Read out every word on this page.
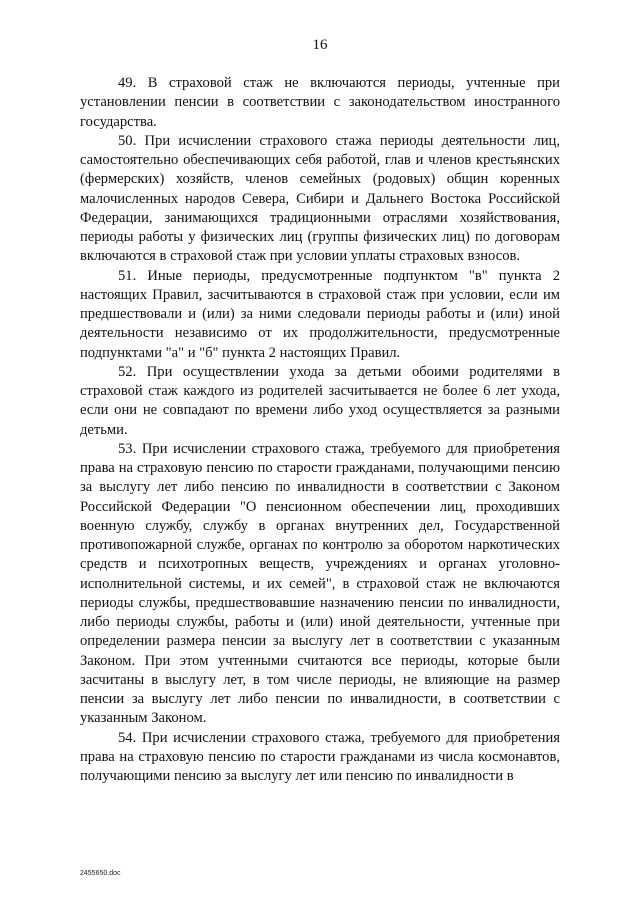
16

49. В страховой стаж не включаются периоды, учтенные при установлении пенсии в соответствии с законодательством иностранного государства.

50. При исчислении страхового стажа периоды деятельности лиц, самостоятельно обеспечивающих себя работой, глав и членов крестьянских (фермерских) хозяйств, членов семейных (родовых) общин коренных малочисленных народов Севера, Сибири и Дальнего Востока Российской Федерации, занимающихся традиционными отраслями хозяйствования, периоды работы у физических лиц (группы физических лиц) по договорам включаются в страховой стаж при условии уплаты страховых взносов.

51. Иные периоды, предусмотренные подпунктом "в" пункта 2 настоящих Правил, засчитываются в страховой стаж при условии, если им предшествовали и (или) за ними следовали периоды работы и (или) иной деятельности независимо от их продолжительности, предусмотренные подпунктами "а" и "б" пункта 2 настоящих Правил.

52. При осуществлении ухода за детьми обоими родителями в страховой стаж каждого из родителей засчитывается не более 6 лет ухода, если они не совпадают по времени либо уход осуществляется за разными детьми.

53. При исчислении страхового стажа, требуемого для приобретения права на страховую пенсию по старости гражданами, получающими пенсию за выслугу лет либо пенсию по инвалидности в соответствии с Законом Российской Федерации "О пенсионном обеспечении лиц, проходивших военную службу, службу в органах внутренних дел, Государственной противопожарной службе, органах по контролю за оборотом наркотических средств и психотропных веществ, учреждениях и органах уголовно-исполнительной системы, и их семей", в страховой стаж не включаются периоды службы, предшествовавшие назначению пенсии по инвалидности, либо периоды службы, работы и (или) иной деятельности, учтенные при определении размера пенсии за выслугу лет в соответствии с указанным Законом. При этом учтенными считаются все периоды, которые были засчитаны в выслугу лет, в том числе периоды, не влияющие на размер пенсии за выслугу лет либо пенсии по инвалидности, в соответствии с указанным Законом.

54. При исчислении страхового стажа, требуемого для приобретения права на страховую пенсию по старости гражданами из числа космонавтов, получающими пенсию за выслугу лет или пенсию по инвалидности в

2455650.doc
